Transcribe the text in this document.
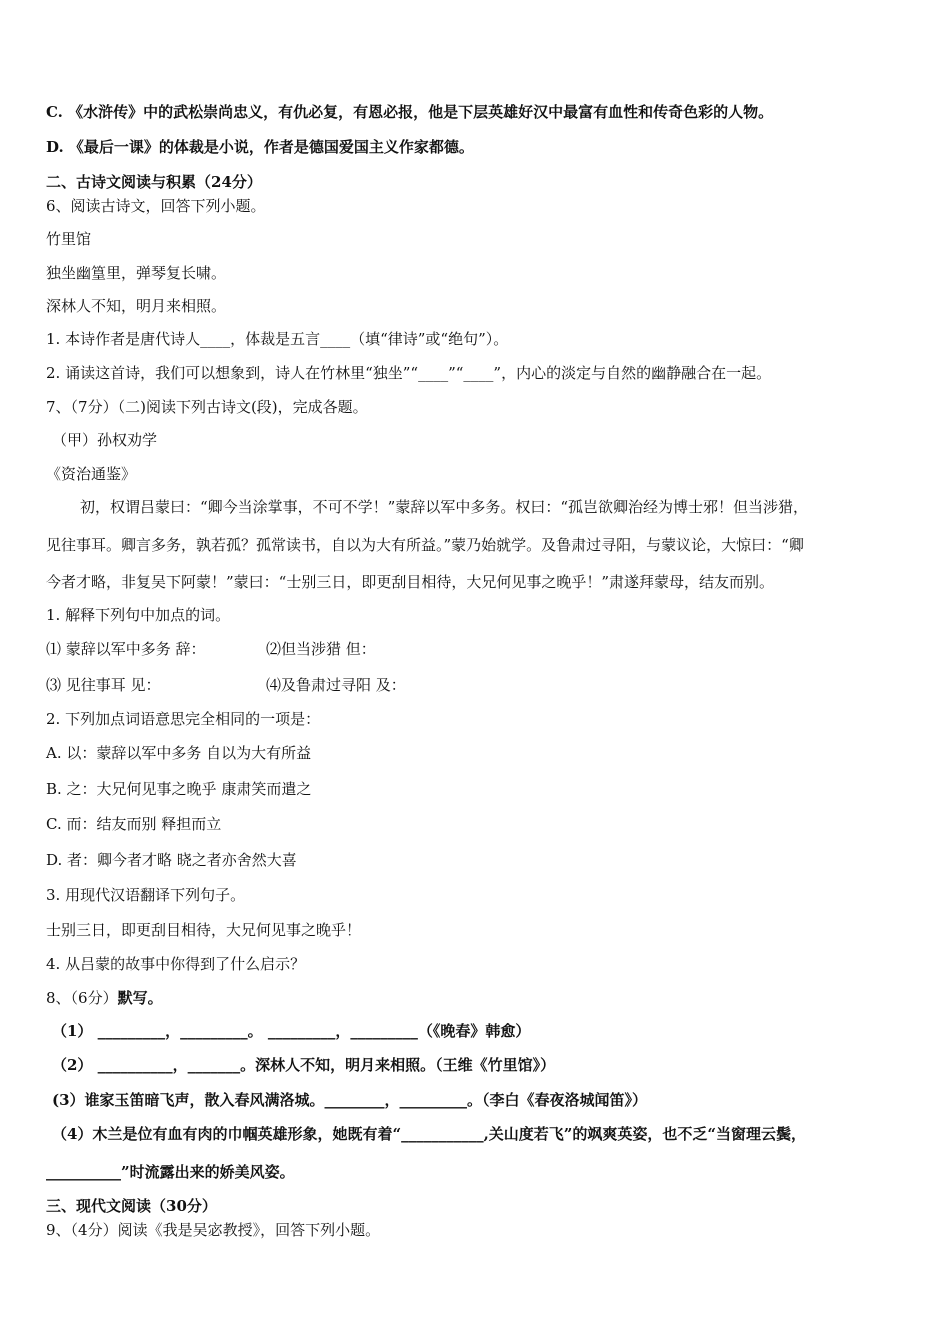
C. 《水浒传》中的武松崇尚忠义，有仇必复，有恩必报，他是下层英雄好汉中最富有血性和传奇色彩的人物。
D. 《最后一课》的体裁是小说，作者是德国爱国主义作家都德。
二、古诗文阅读与积累（24分）
6、阅读古诗文，回答下列小题。
竹里馆
独坐幽篁里，弹琴复长啸。
深林人不知，明月来相照。
1. 本诗作者是唐代诗人____，体裁是五言____（填“律诗”或“绝句”）。
2. 诵读这首诗，我们可以想象到，诗人在竹林里“独坐”“____”“____”，内心的淡定与自然的幽静融合在一起。
7、（7分）（二)阅读下列古诗文(段)，完成各题。
（甲）孙权劝学
《资治通鉴》
初，权谓吕蒙曰：“卿今当涂掌事，不可不学！”蒙辞以军中多务。权曰：“孤岂欲卿治经为博士邪！但当涉猎，
见往事耳。卿言多务，孰若孤？孤常读书，自以为大有所益。”蒙乃始就学。及鲁肃过寻阳，与蒙议论，大惊曰：“卿
今者才略，非复吴下阿蒙！”蒙曰：“士别三日，即更刮目相待，大兄何见事之晚乎！”肃遂拜蒙母，结友而别。
1. 解释下列句中加点的词。
⑴ 蒙辞以军中多务 辞：	⑵但当涉猎 但：
⑶ 见往事耳 见：	⑷及鲁肃过寻阳 及：
2. 下列加点词语意思完全相同的一项是：
A. 以：蒙辞以军中多务 自以为大有所益
B. 之：大兄何见事之晚乎 康肃笑而遣之
C. 而：结友而别 释担而立
D. 者：卿今者才略 晓之者亦舍然大喜
3. 用现代汉语翻译下列句子。
士别三日，即更刮目相待，大兄何见事之晚乎！
4. 从吕蒙的故事中你得到了什么启示？
8、（6分）默写。
（1） _________，_________。 _________，_________（《晚春》韩愈）
（2） __________，_______。深林人不知，明月来相照。（王维《竹里馆》）
(3）谁家玉笛暗飞声，散入春风满洛城。________，_________。（李白《春夜洛城闻笛》）
（4）木兰是位有血有肉的巾帼英雄形象，她既有着“___________,关山度若飞”的飒爽英姿，也不乏“当窗理云鬓，
__________”时流露出来的娇美风姿。
三、现代文阅读（30分）
9、（4分）阅读《我是吴宓教授》，回答下列小题。
